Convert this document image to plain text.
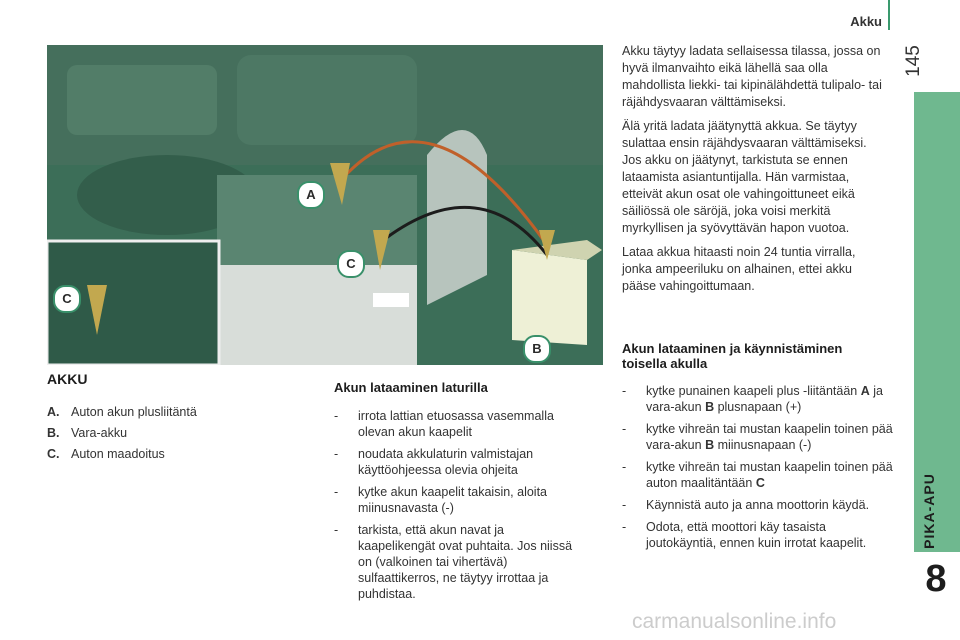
Akku
145
PIKA-APU
8
A
C
C
B
AKKU
A. Auton akun plusliitäntä
B. Vara-akku
C. Auton maadoitus
Akun lataaminen laturilla
- irrota lattian etuosassa vasemmalla olevan akun kaapelit
- noudata akkulaturin valmistajan käyttöohjeessa olevia ohjeita
- kytke akun kaapelit takaisin, aloita miinusnavasta (-)
- tarkista, että akun navat ja kaapelikengät ovat puhtaita. Jos niissä on (valkoinen tai vihertävä) sulfaattikerros, ne täytyy irrottaa ja puhdistaa.

Akku täytyy ladata sellaisessa tilassa, jossa on hyvä ilmanvaihto eikä lähellä saa olla mahdollista liekki- tai kipinälähdettä tulipalo- tai räjähdysvaaran välttämiseksi.

Älä yritä ladata jäätynyttä akkua. Se täytyy sulattaa ensin räjähdysvaaran välttämiseksi. Jos akku on jäätynyt, tarkistuta se ennen lataamista asiantuntijalla. Hän varmistaa, etteivät akun osat ole vahingoittuneet eikä säiliössä ole säröjä, joka voisi merkitä myrkyllisen ja syövyttävän hapon vuotoa.

Lataa akkua hitaasti noin 24 tuntia virralla, jonka ampeeriluku on alhainen, ettei akku pääse vahingoittumaan.

Akun lataaminen ja käynnistäminen
toisella akulla
- kytke punainen kaapeli plus -liitäntään A ja vara-akun B plusnapaan (+)
- kytke vihreän tai mustan kaapelin toinen pää vara-akun B miinusnapaan (-)
- kytke vihreän tai mustan kaapelin toinen pää auton maalitäntään C
- Käynnistä auto ja anna moottorin käydä.
- Odota, että moottori käy tasaista joutokäyntiä, ennen kuin irrotat kaapelit.
carmanualsonline.info
